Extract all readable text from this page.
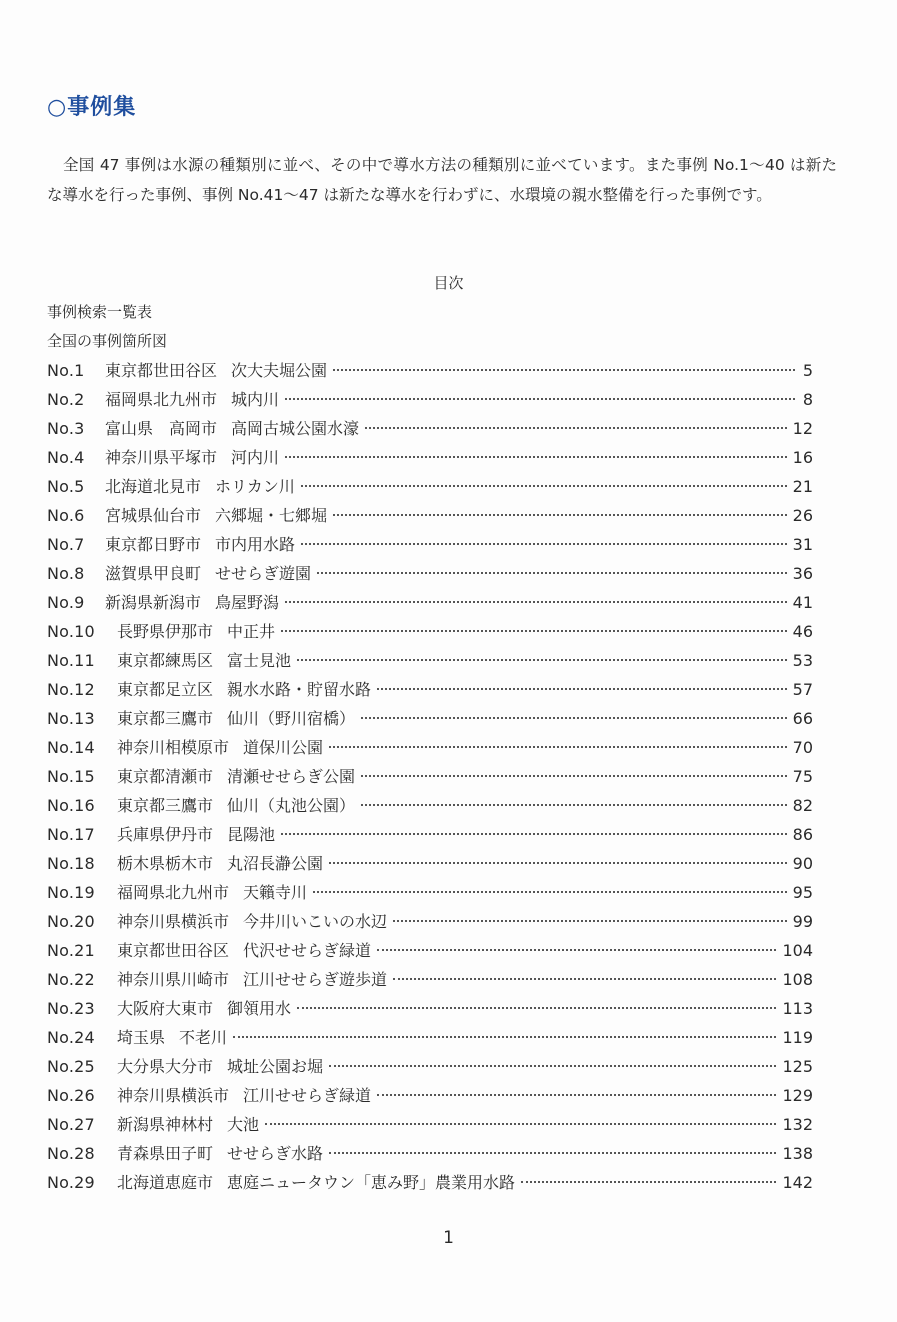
○事例集
全国 47 事例は水源の種類別に並べ、その中で導水方法の種類別に並べています。また事例 No.1～40 は新たな導水を行った事例、事例 No.41～47 は新たな導水を行わずに、水環境の親水整備を行った事例です。
目次
事例検索一覧表
全国の事例箇所図
No.1	東京都世田谷区 次大夫堀公園	5
No.2	福岡県北九州市 城内川	8
No.3	富山県　高岡市 高岡古城公園水濠	12
No.4	神奈川県平塚市 河内川	16
No.5	北海道北見市 ホリカン川	21
No.6	宮城県仙台市 六郷堀・七郷堀	26
No.7	東京都日野市 市内用水路	31
No.8	滋賀県甲良町 せせらぎ遊園	36
No.9	新潟県新潟市 鳥屋野潟	41
No.10	長野県伊那市 中正井	46
No.11	東京都練馬区 富士見池	53
No.12	東京都足立区 親水水路・貯留水路	57
No.13	東京都三鷹市 仙川（野川宿橋）	66
No.14	神奈川相模原市 道保川公園	70
No.15	東京都清瀬市 清瀬せせらぎ公園	75
No.16	東京都三鷹市 仙川（丸池公園）	82
No.17	兵庫県伊丹市 昆陽池	86
No.18	栃木県栃木市 丸沼長瀞公園	90
No.19	福岡県北九州市 天籟寺川	95
No.20	神奈川県横浜市 今井川いこいの水辺	99
No.21	東京都世田谷区 代沢せせらぎ緑道	104
No.22	神奈川県川崎市 江川せせらぎ遊歩道	108
No.23	大阪府大東市 御領用水	113
No.24	埼玉県 不老川	119
No.25	大分県大分市 城址公園お堀	125
No.26	神奈川県横浜市 江川せせらぎ緑道	129
No.27	新潟県神林村 大池	132
No.28	青森県田子町 せせらぎ水路	138
No.29	北海道恵庭市 恵庭ニュータウン「恵み野」農業用水路	142
1
